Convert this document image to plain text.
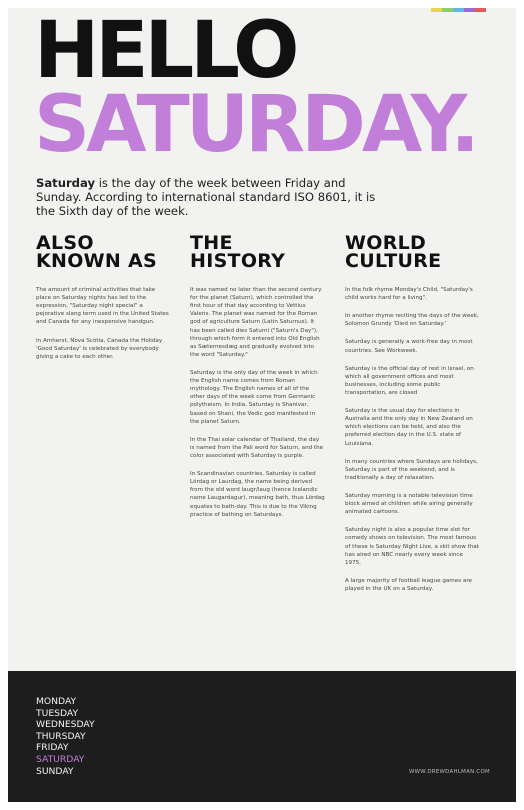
HELLO
SATURDAY.

Saturday is the day of the week between Friday and Sunday. According to international standard ISO 8601, it is the Sixth day of the week.

ALSO
KNOWN AS

The amount of criminal activities that take place on Saturday nights has led to the expression, "Saturday night special" a pejorative slang term used in the United States and Canada for any inexpensive handgun.

In Amherst, Nova Scotia, Canada the Holiday 'Good Saturday' is celebrated by everybody giving a cake to each other.

THE
HISTORY

It was named no later than the second century for the planet (Saturn), which controlled the first hour of that day according to Vettius Valens. The planet was named for the Roman god of agriculture Saturn (Latin Saturnus). It has been called dies Saturni ("Saturn's Day"), through which form it entered into Old English as Sæternesdæg and gradually evolved into the word "Saturday."

Saturday is the only day of the week in which the English name comes from Roman mythology. The English names of all of the other days of the week come from Germanic polytheism. In India, Saturday is Shanivar, based on Shani, the Vedic god manifested in the planet Saturn.

In the Thai solar calendar of Thailand, the day is named from the Pali word for Saturn, and the color associated with Saturday is purple.

In Scandinavian countries, Saturday is called Lördag or Laurdag, the name being derived from the old word laugr/laug (hence Icelandic name Laugardagur), meaning bath, thus Lördag equates to bath-day. This is due to the Viking practice of bathing on Saturdays.

WORLD
CULTURE

In the folk rhyme Monday's Child, "Saturday's child works hard for a living".

In another rhyme reciting the days of the week, Solomon Grundy 'Died on Saturday.'

Saturday is generally a work-free day in most countries. See Workweek.

Saturday is the official day of rest in Israel, on which all government offices and most businesses, including some public transportation, are closed

Saturday is the usual day for elections in Australia and the only day in New Zealand on which elections can be held, and also the preferred election day in the U.S. state of Louisiana.

In many countries where Sundays are holidays, Saturday is part of the weekend, and is traditionally a day of relaxation.

Saturday morning is a notable television time block aimed at children while airing generally animated cartoons.

Saturday night is also a popular time slot for comedy shows on television. The most famous of these is Saturday Night Live, a skit show that has aired on NBC nearly every week since 1975.

A large majority of football league games are played in the UK on a Saturday.

MONDAY
TUESDAY
WEDNESDAY
THURSDAY
FRIDAY
SATURDAY
SUNDAY	WWW.DREWDAHLMAN.COM
